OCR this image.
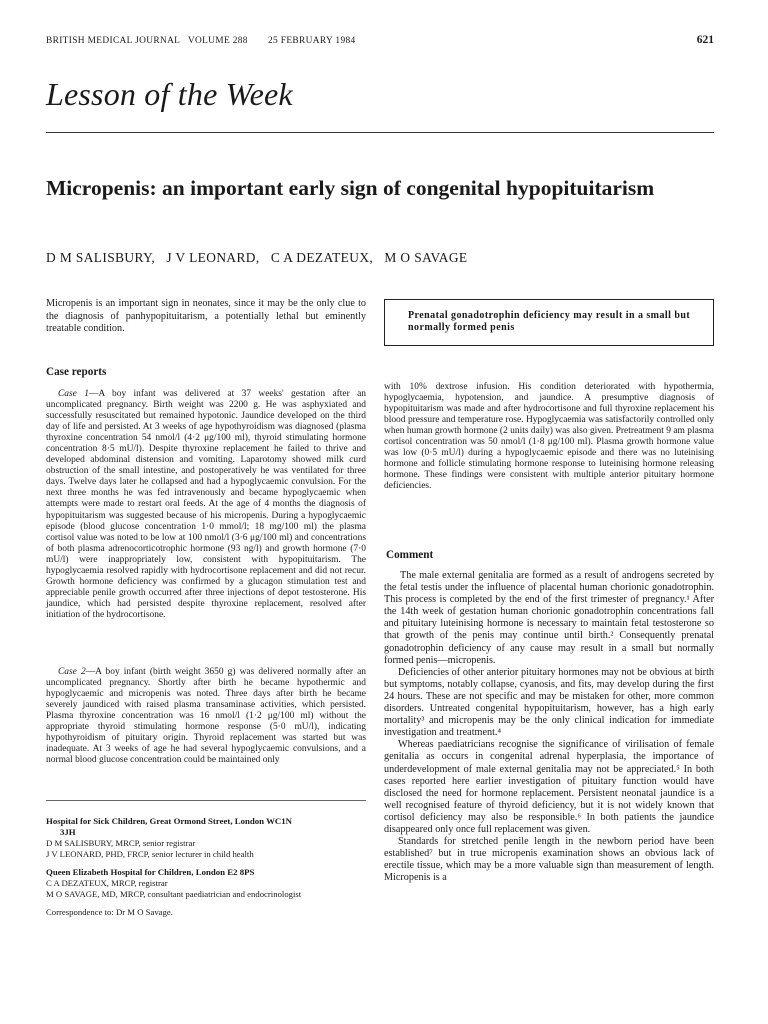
BRITISH MEDICAL JOURNAL   VOLUME 288 25 FEBRUARY 1984	621
Lesson of the Week
Micropenis: an important early sign of congenital hypopituitarism
D M SALISBURY,   J V LEONARD,   C A DEZATEUX,   M O SAVAGE
Micropenis is an important sign in neonates, since it may be the only clue to the diagnosis of panhypopituitarism, a potentially lethal but eminently treatable condition.
Prenatal gonadotrophin deficiency may result in a small but normally formed penis
Case reports

Case 1—A boy infant was delivered at 37 weeks' gestation after an uncomplicated pregnancy. Birth weight was 2200 g. He was asphyxiated and successfully resuscitated but remained hypotonic. Jaundice developed on the third day of life and persisted. At 3 weeks of age hypothyroidism was diagnosed (plasma thyroxine concentration 54 nmol/l (4·2 μg/100 ml), thyroid stimulating hormone concentration 8·5 mU/l). Despite thyroxine replacement he failed to thrive and developed abdominal distension and vomiting. Laparotomy showed milk curd obstruction of the small intestine, and postoperatively he was ventilated for three days. Twelve days later he collapsed and had a hypoglycaemic convulsion. For the next three months he was fed intravenously and became hypoglycaemic when attempts were made to restart oral feeds. At the age of 4 months the diagnosis of hypopituitarism was suggested because of his micropenis. During a hypoglycaemic episode (blood glucose concentration 1·0 mmol/l; 18 mg/100 ml) the plasma cortisol value was noted to be low at 100 nmol/l (3·6 μg/100 ml) and concentrations of both plasma adrenocorticotrophic hormone (93 ng/l) and growth hormone (7·0 mU/l) were inappropriately low, consistent with hypopituitarism. The hypoglycaemia resolved rapidly with hydrocortisone replacement and did not recur. Growth hormone deficiency was confirmed by a glucagon stimulation test and appreciable penile growth occurred after three injections of depot testosterone. His jaundice, which had persisted despite thyroxine replacement, resolved after initiation of the hydrocortisone.

Case 2—A boy infant (birth weight 3650 g) was delivered normally after an uncomplicated pregnancy. Shortly after birth he became hypothermic and hypoglycaemic and micropenis was noted. Three days after birth he became severely jaundiced with raised plasma transaminase activities, which persisted. Plasma thyroxine concentration was 16 nmol/l (1·2 μg/100 ml) without the appropriate thyroid stimulating hormone response (5·0 mU/l), indicating hypothyroidism of pituitary origin. Thyroid replacement was started but was inadequate. At 3 weeks of age he had several hypoglycaemic convulsions, and a normal blood glucose concentration could be maintained only

with 10% dextrose infusion. His condition deteriorated with hypothermia, hypoglycaemia, hypotension, and jaundice. A presumptive diagnosis of hypopituitarism was made and after hydrocortisone and full thyroxine replacement his blood pressure and temperature rose. Hypoglycaemia was satisfactorily controlled only when human growth hormone (2 units daily) was also given. Pretreatment 9 am plasma cortisol concentration was 50 nmol/l (1·8 μg/100 ml). Plasma growth hormone value was low (0·5 mU/l) during a hypoglycaemic episode and there was no luteinising hormone and follicle stimulating hormone response to luteinising hormone releasing hormone. These findings were consistent with multiple anterior pituitary hormone deficiencies.

Comment

The male external genitalia are formed as a result of androgens secreted by the fetal testis under the influence of placental human chorionic gonadotrophin. This process is completed by the end of the first trimester of pregnancy.¹ After the 14th week of gestation human chorionic gonadotrophin concentrations fall and pituitary luteinising hormone is necessary to maintain fetal testosterone so that growth of the penis may continue until birth.² Consequently prenatal gonadotrophin deficiency of any cause may result in a small but normally formed penis—micropenis.

Deficiencies of other anterior pituitary hormones may not be obvious at birth but symptoms, notably collapse, cyanosis, and fits, may develop during the first 24 hours. These are not specific and may be mistaken for other, more common disorders. Untreated congenital hypopituitarism, however, has a high early mortality³ and micropenis may be the only clinical indication for immediate investigation and treatment.⁴

Whereas paediatricians recognise the significance of virilisation of female genitalia as occurs in congenital adrenal hyperplasia, the importance of underdevelopment of male external genitalia may not be appreciated.⁵ In both cases reported here earlier investigation of pituitary function would have disclosed the need for hormone replacement. Persistent neonatal jaundice is a well recognised feature of thyroid deficiency, but it is not widely known that cortisol deficiency may also be responsible.⁶ In both patients the jaundice disappeared only once full replacement was given.

Standards for stretched penile length in the newborn period have been established⁷ but in true micropenis examination shows an obvious lack of erectile tissue, which may be a more valuable sign than measurement of length. Micropenis is a

Hospital for Sick Children, Great Ormond Street, London WC1N
3JH
D M SALISBURY, MRCP, senior registrar
J V LEONARD, PHD, FRCP, senior lecturer in child health
Queen Elizabeth Hospital for Children, London E2 8PS
C A DEZATEUX, MRCP, registrar
M O SAVAGE, MD, MRCP, consultant paediatrician and endocrinologist
Correspondence to: Dr M O Savage.
